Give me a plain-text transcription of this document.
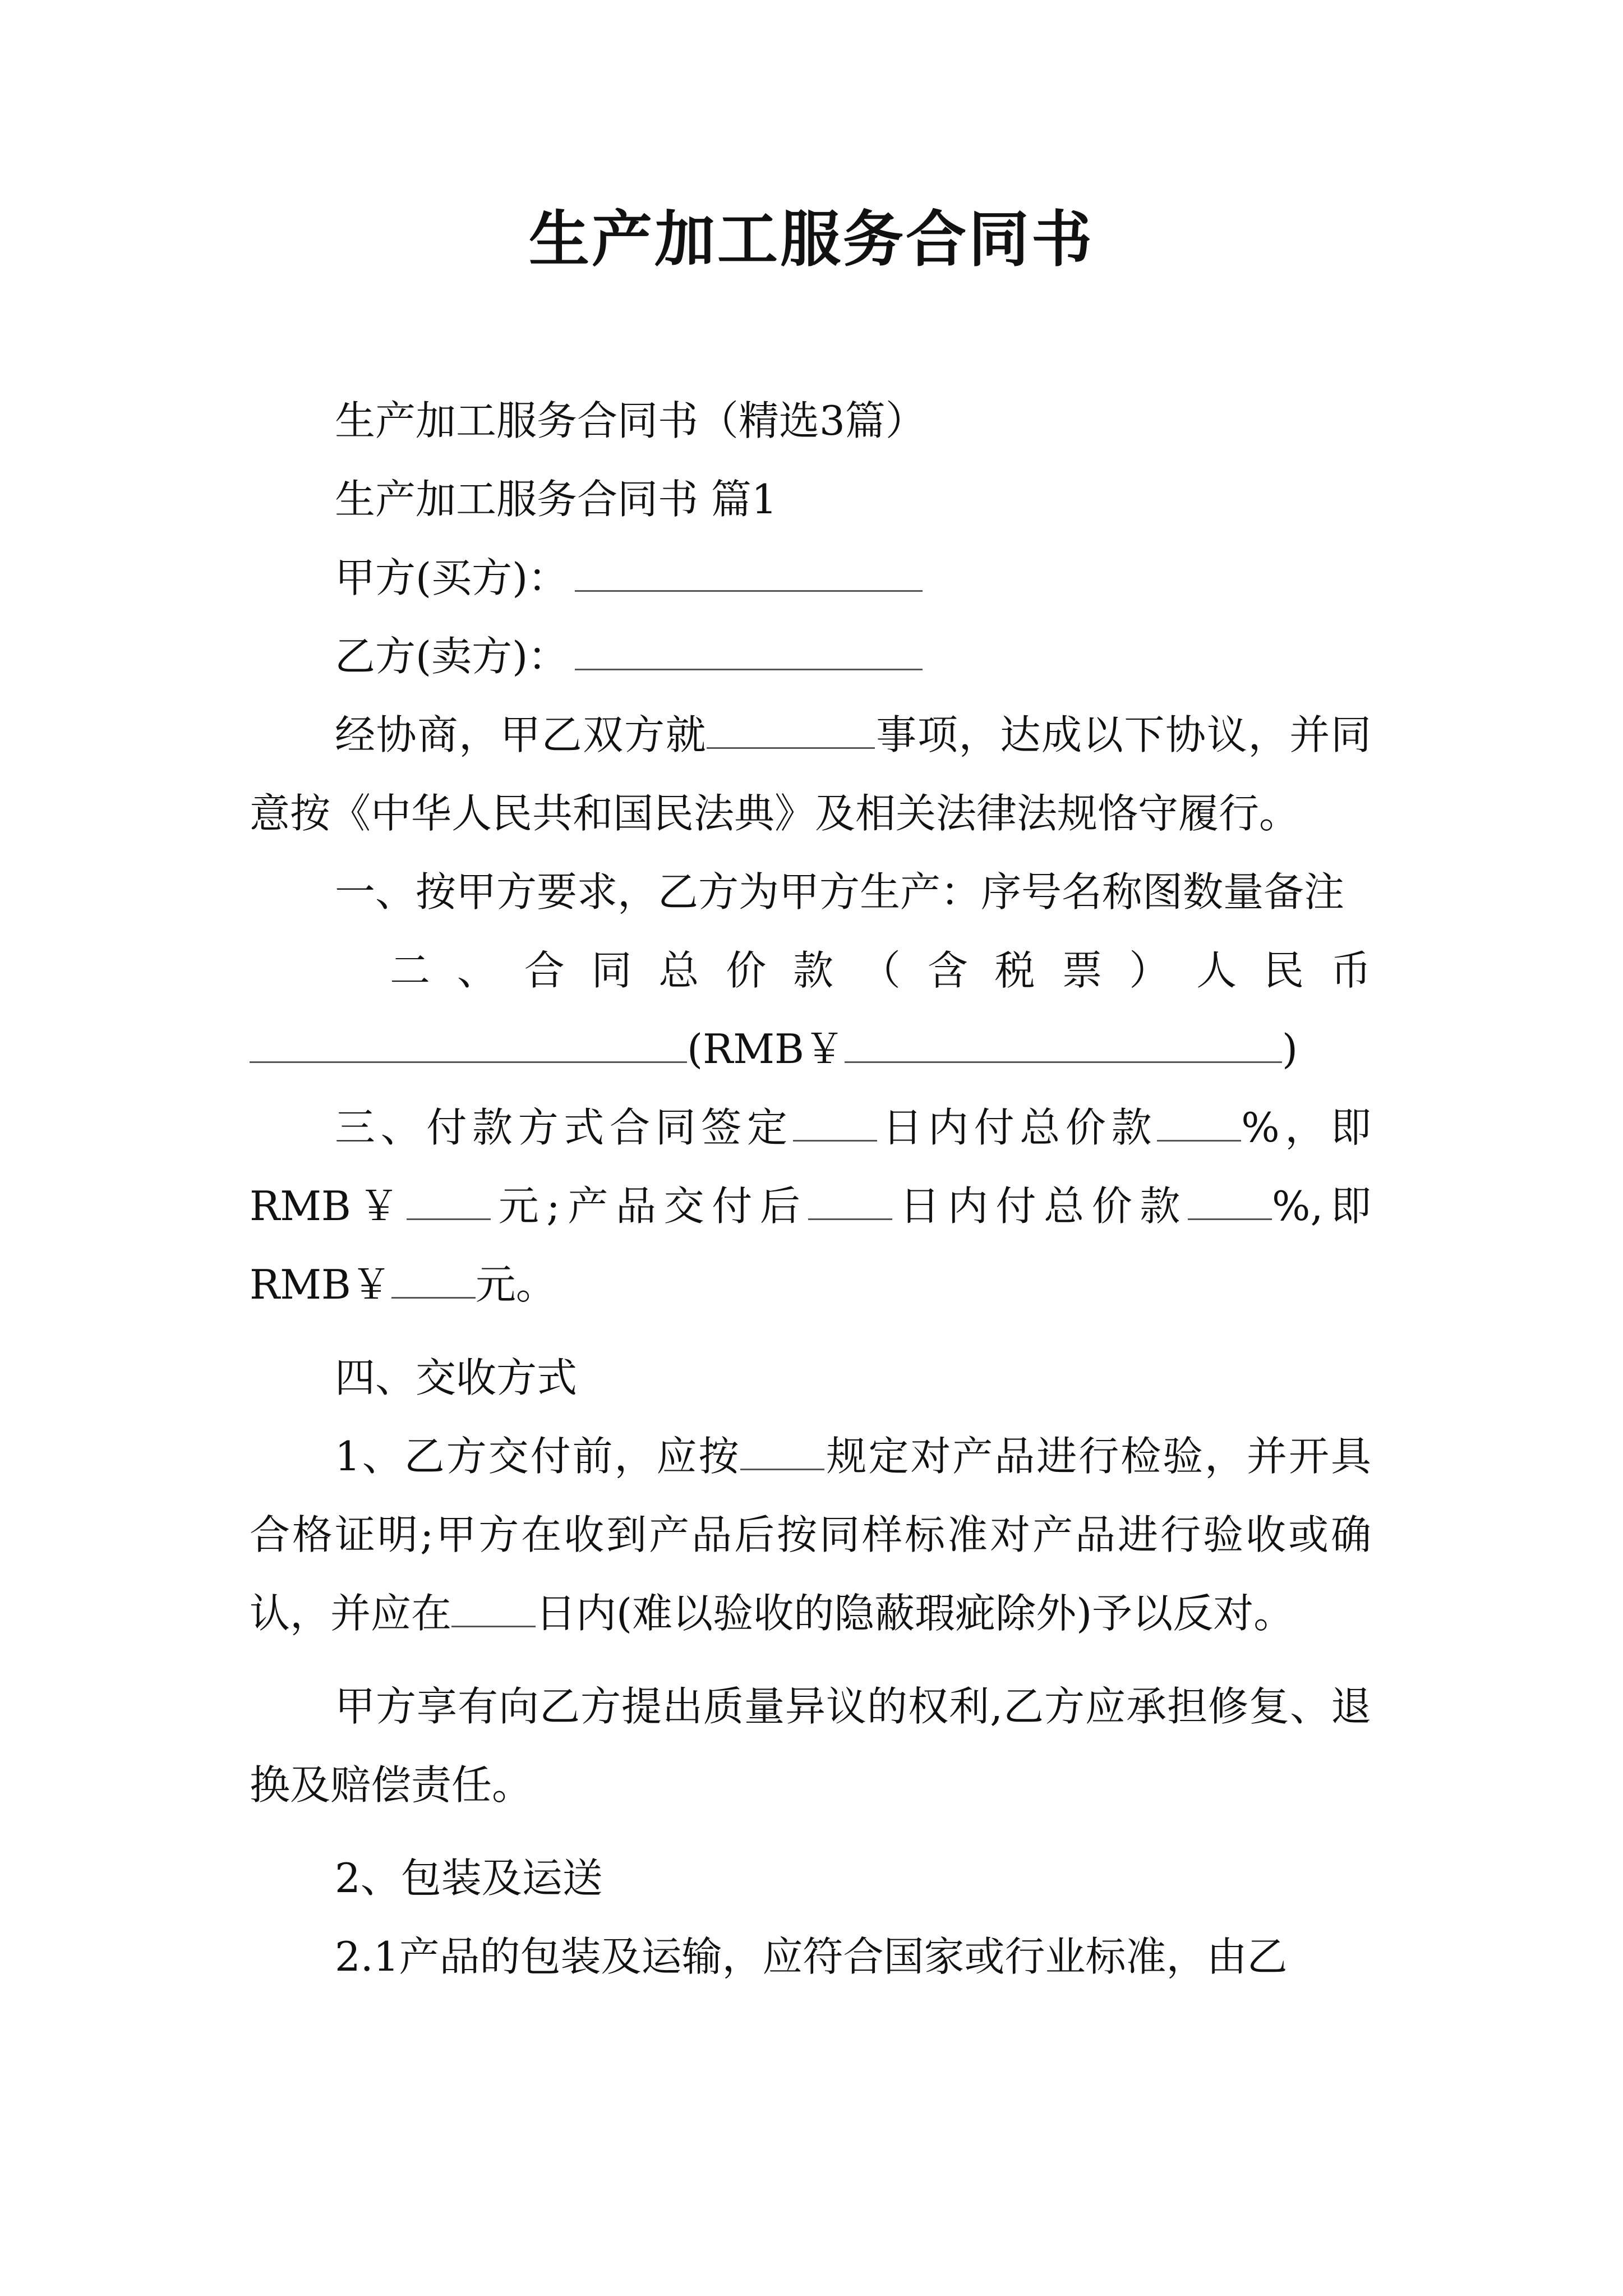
生产加工服务合同书

生产加工服务合同书（精选3篇）

生产加工服务合同书 篇1

甲方(买方)：

乙方(卖方)：

经协商，甲乙双方就	事项，达成以下协议，并同意按《中华人民共和国民法典》及相关法律法规恪守履行。

一、按甲方要求，乙方为甲方生产：序号名称图数量备注

二 、 合 同 总 价 款 （ 含 税 票 ） 人 民 币

(RMB￥	)

三、付款方式合同签定 日内付总价款 %，即RMB￥ 元;产品交付后 日内付总价款 %,即RMB￥ 元。

四、交收方式

1、乙方交付前，应按 规定对产品进行检验，并开具合格证明;甲方在收到产品后按同样标准对产品进行验收或确认，并应在 日内(难以验收的隐蔽瑕疵除外)予以反对。

甲方享有向乙方提出质量异议的权利,乙方应承担修复、退换及赔偿责任。

2、包装及运送

2.1产品的包装及运输，应符合国家或行业标准，由乙
